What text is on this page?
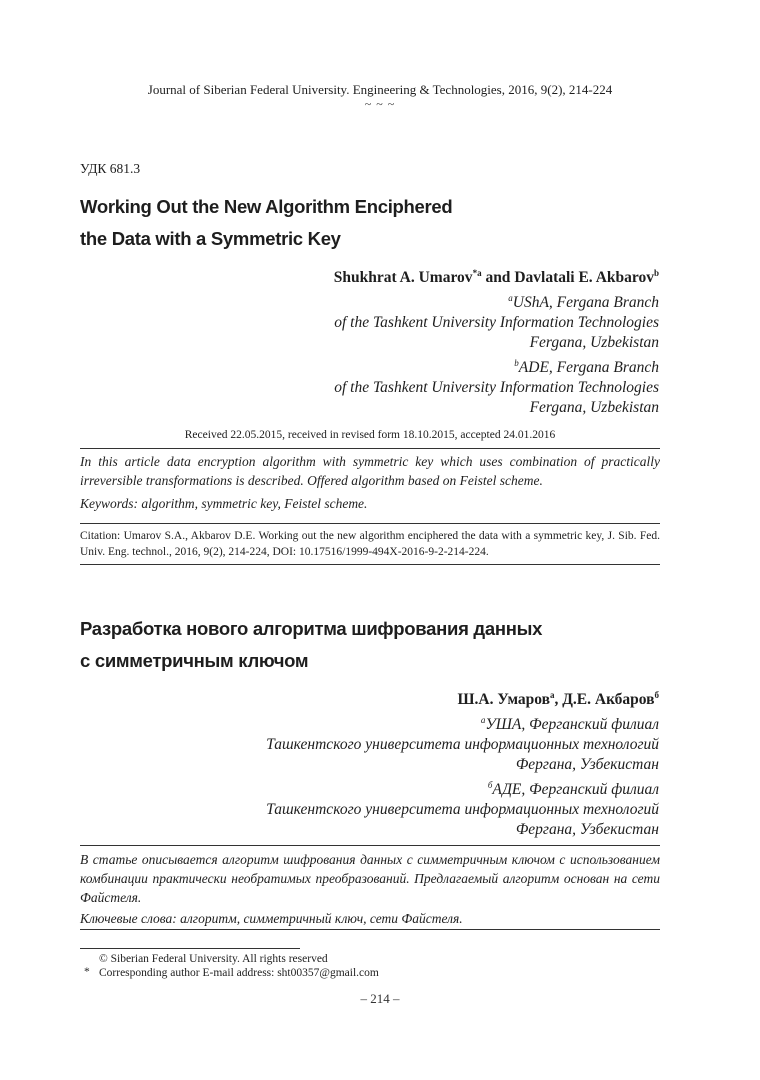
Journal of Siberian Federal University. Engineering & Technologies, 2016, 9(2), 214-224
~ ~ ~
УДК 681.3
Working Out the New Algorithm Enciphered
the Data with a Symmetric Key
Shukhrat A. Umarov$^{*a}$ and Davlatali E. Akbarov$^b$
$^a$UShA, Fergana Branch
of the Tashkent University Information Technologies
Fergana, Uzbekistan
$^b$ADE, Fergana Branch
of the Tashkent University Information Technologies
Fergana, Uzbekistan
Received 22.05.2015, received in revised form 18.10.2015, accepted 24.01.2016
In this article data encryption algorithm with symmetric key which uses combination of practically irreversible transformations is described. Offered algorithm based on Feistel scheme.
Keywords: algorithm, symmetric key, Feistel scheme.
Citation: Umarov S.A., Akbarov D.E. Working out the new algorithm enciphered the data with a symmetric key, J. Sib. Fed. Univ. Eng. technol., 2016, 9(2), 214-224, DOI: 10.17516/1999-494X-2016-9-2-214-224.
Разработка нового алгоритма шифрования данных
с симметричным ключом
Ш.А. Умаров$^а$, Д.Е. Акбаров$^б$
$^а$УША, Ферганский филиал
Ташкентского университета информационных технологий
Фергана, Узбекистан
$^б$АДЕ, Ферганский филиал
Ташкентского университета информационных технологий
Фергана, Узбекистан
В статье описывается алгоритм шифрования данных с симметричным ключом с использованием комбинации практически необратимых преобразований. Предлагаемый алгоритм основан на сети Файстеля.
Ключевые слова: алгоритм, симметричный ключ, сети Файстеля.
© Siberian Federal University. All rights reserved
* Corresponding author E-mail address: sht00357@gmail.com
– 214 –
